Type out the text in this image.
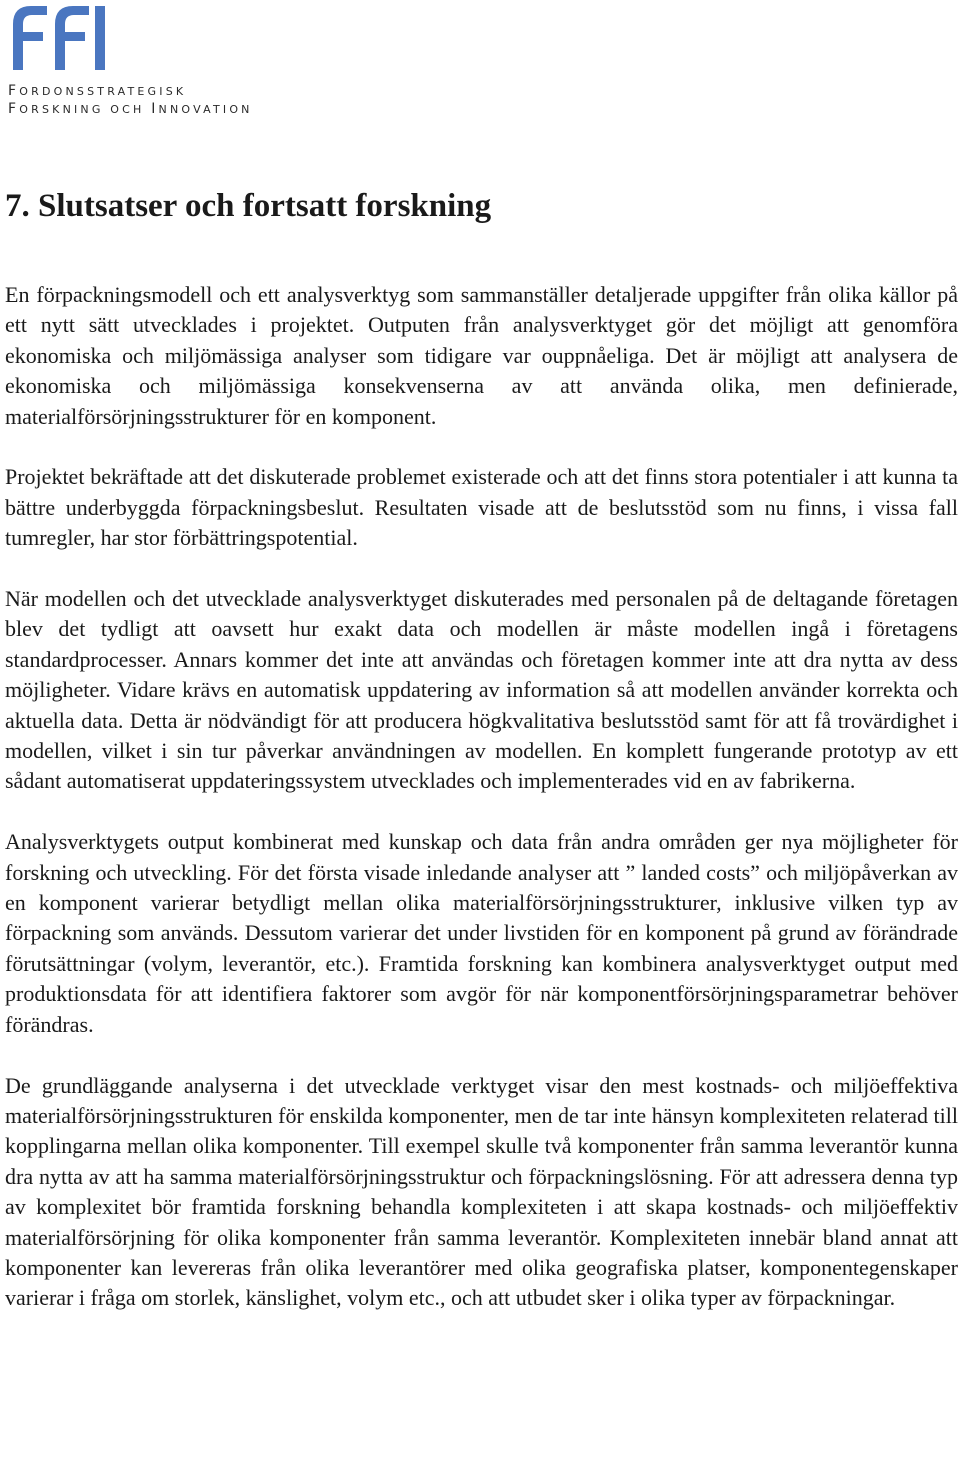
FORDONSSTRATEGISK
FORSKNING OCH INNOVATION
7. Slutsatser och fortsatt forskning

En förpackningsmodell och ett analysverktyg som sammanställer detaljerade uppgifter från olika källor på ett nytt sätt utvecklades i projektet. Outputen från analysverktyget gör det möjligt att genomföra ekonomiska och miljömässiga analyser som tidigare var ouppnåeliga. Det är möjligt att analysera de ekonomiska och miljömässiga konsekvenserna av att använda olika, men definierade, materialförsörjningsstrukturer för en komponent.

Projektet bekräftade att det diskuterade problemet existerade och att det finns stora potentialer i att kunna ta bättre underbyggda förpackningsbeslut. Resultaten visade att de beslutsstöd som nu finns, i vissa fall tumregler, har stor förbättringspotential.

När modellen och det utvecklade analysverktyget diskuterades med personalen på de deltagande företagen blev det tydligt att oavsett hur exakt data och modellen är måste modellen ingå i företagens standardprocesser. Annars kommer det inte att användas och företagen kommer inte att dra nytta av dess möjligheter. Vidare krävs en automatisk uppdatering av information så att modellen använder korrekta och aktuella data. Detta är nödvändigt för att producera högkvalitativa beslutsstöd samt för att få trovärdighet i modellen, vilket i sin tur påverkar användningen av modellen. En komplett fungerande prototyp av ett sådant automatiserat uppdateringssystem utvecklades och implementerades vid en av fabrikerna.

Analysverktygets output kombinerat med kunskap och data från andra områden ger nya möjligheter för forskning och utveckling. För det första visade inledande analyser att ” landed costs” och miljöpåverkan av en komponent varierar betydligt mellan olika materialförsörjningsstrukturer, inklusive vilken typ av förpackning som används. Dessutom varierar det under livstiden för en komponent på grund av förändrade förutsättningar (volym, leverantör, etc.). Framtida forskning kan kombinera analysverktyget output med produktionsdata för att identifiera faktorer som avgör för när komponentförsörjningsparametrar behöver förändras.

De grundläggande analyserna i det utvecklade verktyget visar den mest kostnads- och miljöeffektiva materialförsörjningsstrukturen för enskilda komponenter, men de tar inte hänsyn komplexiteten relaterad till kopplingarna mellan olika komponenter. Till exempel skulle två komponenter från samma leverantör kunna dra nytta av att ha samma materialförsörjningsstruktur och förpackningslösning. För att adressera denna typ av komplexitet bör framtida forskning behandla komplexiteten i att skapa kostnads- och miljöeffektiv materialförsörjning för olika komponenter från samma leverantör. Komplexiteten innebär bland annat att komponenter kan levereras från olika leverantörer med olika geografiska platser, komponentegenskaper varierar i fråga om storlek, känslighet, volym etc., och att utbudet sker i olika typer av förpackningar.
